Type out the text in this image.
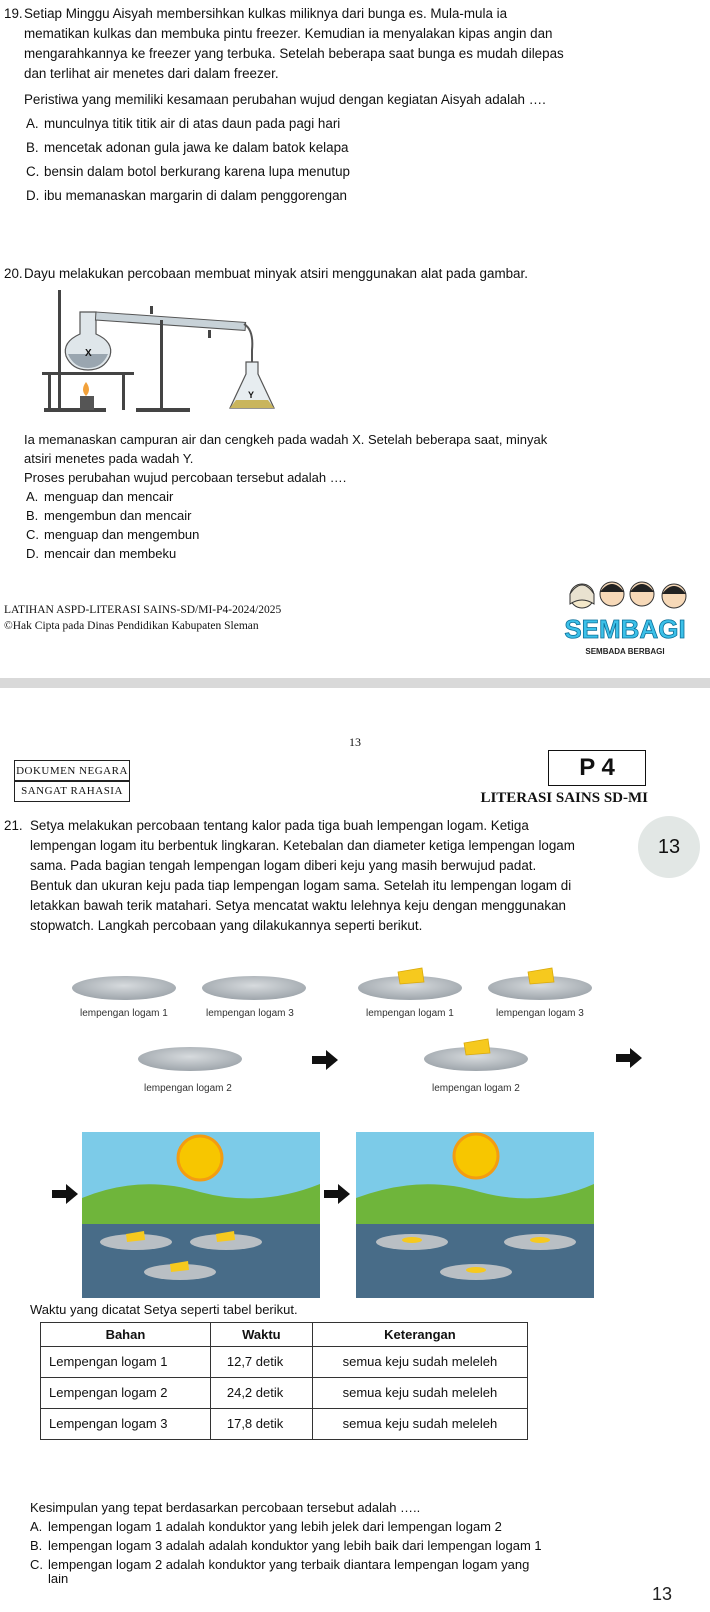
19. Setiap Minggu Aisyah membersihkan kulkas miliknya dari bunga es. Mula-mula ia
mematikan kulkas dan membuka pintu freezer. Kemudian ia menyalakan kipas angin dan
mengarahkannya ke freezer yang terbuka. Setelah beberapa saat bunga es mudah dilepas
dan terlihat air menetes dari dalam freezer.
Peristiwa yang memiliki kesamaan perubahan wujud dengan kegiatan Aisyah adalah ….
A. munculnya titik titik air di atas daun pada pagi hari
B. mencetak adonan gula jawa ke dalam batok kelapa
C. bensin dalam botol berkurang karena lupa menutup
D. ibu memanaskan margarin di dalam penggorengan
20. Dayu melakukan percobaan membuat minyak atsiri menggunakan alat pada gambar.
X
Y
Ia memanaskan campuran air dan cengkeh pada wadah X. Setelah beberapa saat, minyak
atsiri menetes pada wadah Y.
Proses perubahan wujud percobaan tersebut adalah ….
A. menguap dan mencair
B. mengembun dan mencair
C. menguap dan mengembun
D. mencair dan membeku
LATIHAN ASPD-LITERASI SAINS-SD/MI-P4-2024/2025
©Hak Cipta pada Dinas Pendidikan Kabupaten Sleman	SEMBAGI
SEMBADA BERBAGI
13
DOKUMEN NEGARA
SANGAT RAHASIA
P 4
LITERASI SAINS SD-MI
13
21. Setya melakukan percobaan tentang kalor pada tiga buah lempengan logam. Ketiga
lempengan logam itu berbentuk lingkaran. Ketebalan dan diameter ketiga lempengan logam
sama. Pada bagian tengah lempengan logam diberi keju yang masih berwujud padat.
Bentuk dan ukuran keju pada tiap lempengan logam sama. Setelah itu lempengan logam di
letakkan bawah terik matahari. Setya mencatat waktu lelehnya keju dengan menggunakan
stopwatch. Langkah percobaan yang dilakukannya seperti berikut.
lempengan logam 1	lempengan logam 3
lempengan logam 2
lempengan logam 1	lempengan logam 3
lempengan logam 2
Waktu yang dicatat Setya seperti tabel berikut.
Bahan	Waktu	Keterangan
Lempengan logam 1	12,7 detik	semua keju sudah meleleh
Lempengan logam 2	24,2 detik	semua keju sudah meleleh
Lempengan logam 3	17,8 detik	semua keju sudah meleleh
Kesimpulan yang tepat berdasarkan percobaan tersebut adalah …..
A. lempengan logam 1 adalah konduktor yang lebih jelek dari lempengan logam 2
B. lempengan logam 3 adalah adalah konduktor yang lebih baik dari lempengan logam 1
C. lempengan logam 2 adalah konduktor yang terbaik diantara lempengan logam yang
lain
13
